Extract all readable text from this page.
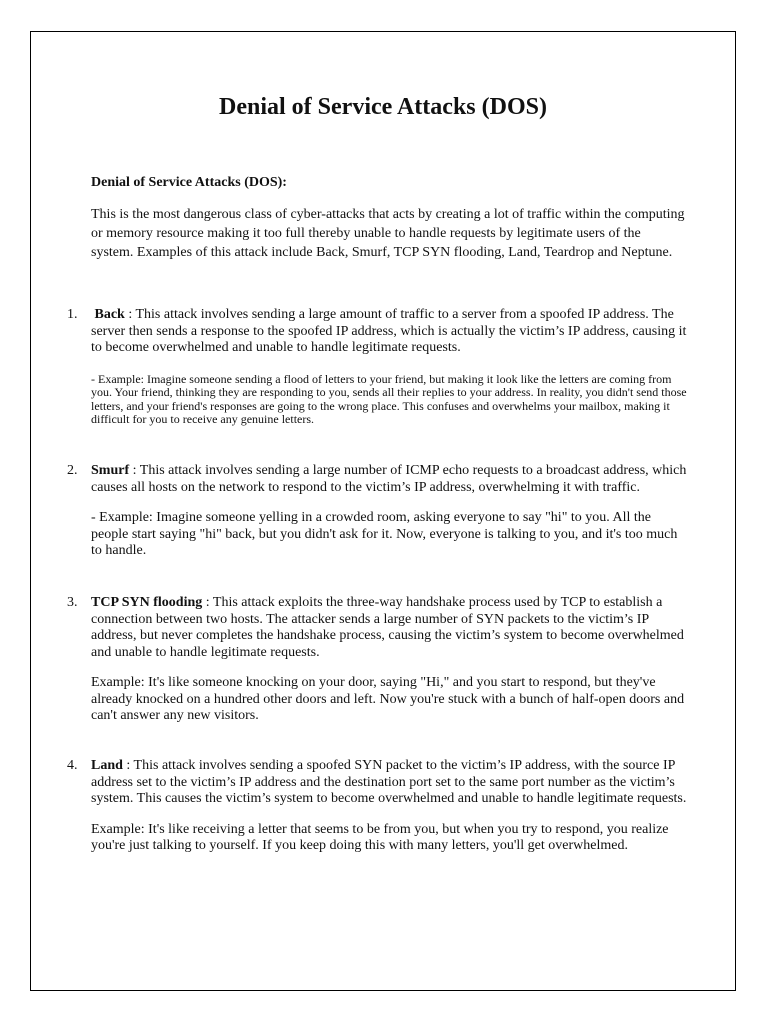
Denial of Service Attacks (DOS)

Denial of Service Attacks (DOS):

This is the most dangerous class of cyber-attacks that acts by creating a lot of traffic within the computing or memory resource making it too full thereby unable to handle requests by legitimate users of the system. Examples of this attack include Back, Smurf, TCP SYN flooding, Land, Teardrop and Neptune.

1. Back : This attack involves sending a large amount of traffic to a server from a spoofed IP address. The server then sends a response to the spoofed IP address, which is actually the victim’s IP address, causing it to become overwhelmed and unable to handle legitimate requests.

- Example: Imagine someone sending a flood of letters to your friend, but making it look like the letters are coming from you. Your friend, thinking they are responding to you, sends all their replies to your address. In reality, you didn't send those letters, and your friend's responses are going to the wrong place. This confuses and overwhelms your mailbox, making it difficult for you to receive any genuine letters.

2. Smurf : This attack involves sending a large number of ICMP echo requests to a broadcast address, which causes all hosts on the network to respond to the victim’s IP address, overwhelming it with traffic.

- Example: Imagine someone yelling in a crowded room, asking everyone to say "hi" to you. All the people start saying "hi" back, but you didn't ask for it. Now, everyone is talking to you, and it's too much to handle.

3. TCP SYN flooding : This attack exploits the three-way handshake process used by TCP to establish a connection between two hosts. The attacker sends a large number of SYN packets to the victim’s IP address, but never completes the handshake process, causing the victim’s system to become overwhelmed and unable to handle legitimate requests.

Example: It's like someone knocking on your door, saying "Hi," and you start to respond, but they've already knocked on a hundred other doors and left. Now you're stuck with a bunch of half-open doors and can't answer any new visitors.

4. Land : This attack involves sending a spoofed SYN packet to the victim’s IP address, with the source IP address set to the victim’s IP address and the destination port set to the same port number as the victim’s system. This causes the victim’s system to become overwhelmed and unable to handle legitimate requests.

Example: It's like receiving a letter that seems to be from you, but when you try to respond, you realize you're just talking to yourself. If you keep doing this with many letters, you'll get overwhelmed.
